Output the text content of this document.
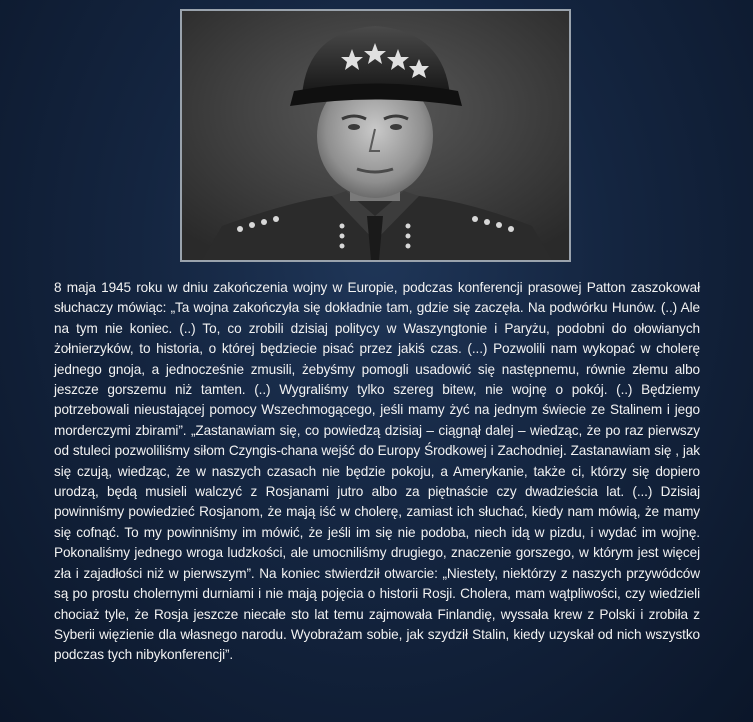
8 maja 1945 roku w dniu zakończenia wojny w Europie, podczas konferencji prasowej Patton zaszokował słuchaczy mówiąc: „Ta wojna zakończyła się dokładnie tam, gdzie się zaczęła. Na podwórku Hunów. (..) Ale na tym nie koniec. (..) To, co zrobili dzisiaj politycy w Waszyngtonie i Paryżu, podobni do ołowianych żołnierzyków, to historia, o której będziecie pisać przez jakiś czas. (...) Pozwolili nam wykopać w cholerę jednego gnoja, a jednocześnie zmusili, żebyśmy pomogli usadowić się następnemu, równie złemu albo jeszcze gorszemu niż tamten. (..) Wygraliśmy tylko szereg bitew, nie wojnę o pokój. (..) Będziemy potrzebowali nieustającej pomocy Wszechmogącego, jeśli mamy żyć na jednym świecie ze Stalinem i jego morderczymi zbirami”. „Zastanawiam się, co powiedzą dzisiaj – ciągnął dalej – wiedząc, że po raz pierwszy od stuleci pozwoliliśmy siłom Czyngis-chana wejść do Europy Środkowej i Zachodniej. Zastanawiam się , jak się czują, wiedząc, że w naszych czasach nie będzie pokoju, a Amerykanie, także ci, którzy się dopiero urodzą, będą musieli walczyć z Rosjanami jutro albo za piętnaście czy dwadzieścia lat. (...) Dzisiaj powinniśmy powiedzieć Rosjanom, że mają iść w cholerę, zamiast ich słuchać, kiedy nam mówią, że mamy się cofnąć. To my powinniśmy im mówić, że jeśli im się nie podoba, niech idą w pizdu, i wydać im wojnę. Pokonaliśmy jednego wroga ludzkości, ale umocniliśmy drugiego, znaczenie gorszego, w którym jest więcej zła i zajadłości niż w pierwszym”. Na koniec stwierdził otwarcie: „Niestety, niektórzy z naszych przywódców są po prostu cholernymi durniami i nie mają pojęcia o historii Rosji. Cholera, mam wątpliwości, czy wiedzieli chociaż tyle, że Rosja jeszcze niecałe sto lat temu zajmowała Finlandię, wyssała krew z Polski i zrobiła z Syberii więzienie dla własnego narodu. Wyobrażam sobie, jak szydził Stalin, kiedy uzyskał od nich wszystko podczas tych nibykonferencji”.
